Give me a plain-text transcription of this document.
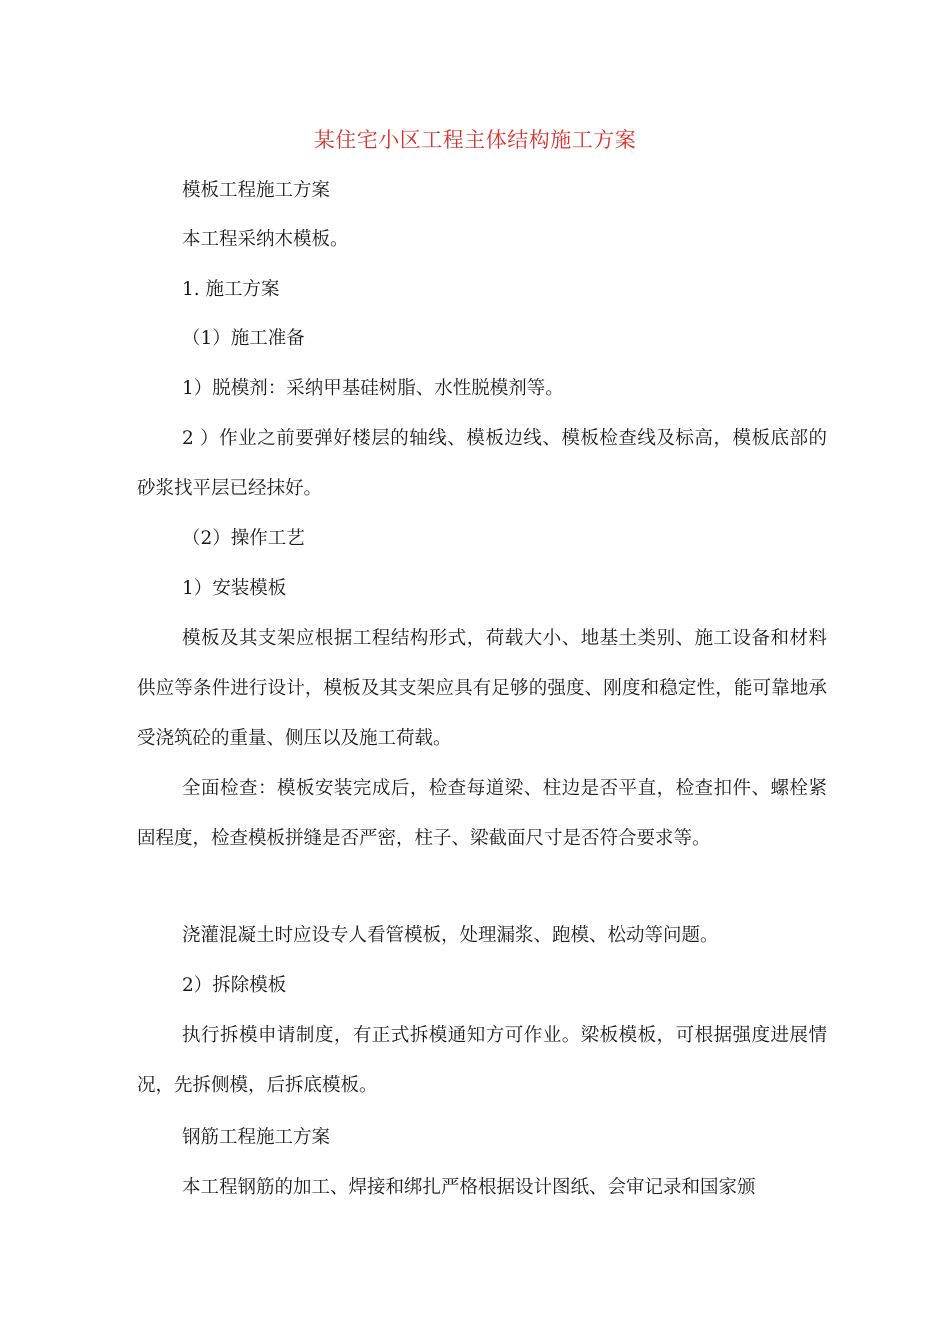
某住宅小区工程主体结构施工方案
模板工程施工方案
本工程采纳木模板。
1. 施工方案
（1）施工准备
1）脱模剂：采纳甲基硅树脂、水性脱模剂等。
2 ）作业之前要弹好楼层的轴线、模板边线、模板检查线及标高，模板底部的砂浆找平层已经抹好。
（2）操作工艺
1）安装模板
模板及其支架应根据工程结构形式，荷载大小、地基土类别、施工设备和材料供应等条件进行设计，模板及其支架应具有足够的强度、刚度和稳定性，能可靠地承受浇筑砼的重量、侧压以及施工荷载。
全面检查：模板安装完成后，检查每道梁、柱边是否平直，检查扣件、螺栓紧固程度，检查模板拼缝是否严密，柱子、梁截面尺寸是否符合要求等。
浇灌混凝土时应设专人看管模板，处理漏浆、跑模、松动等问题。
2）拆除模板
执行拆模申请制度，有正式拆模通知方可作业。梁板模板，可根据强度进展情况，先拆侧模，后拆底模板。
钢筋工程施工方案
本工程钢筋的加工、焊接和绑扎严格根据设计图纸、会审记录和国家颁
